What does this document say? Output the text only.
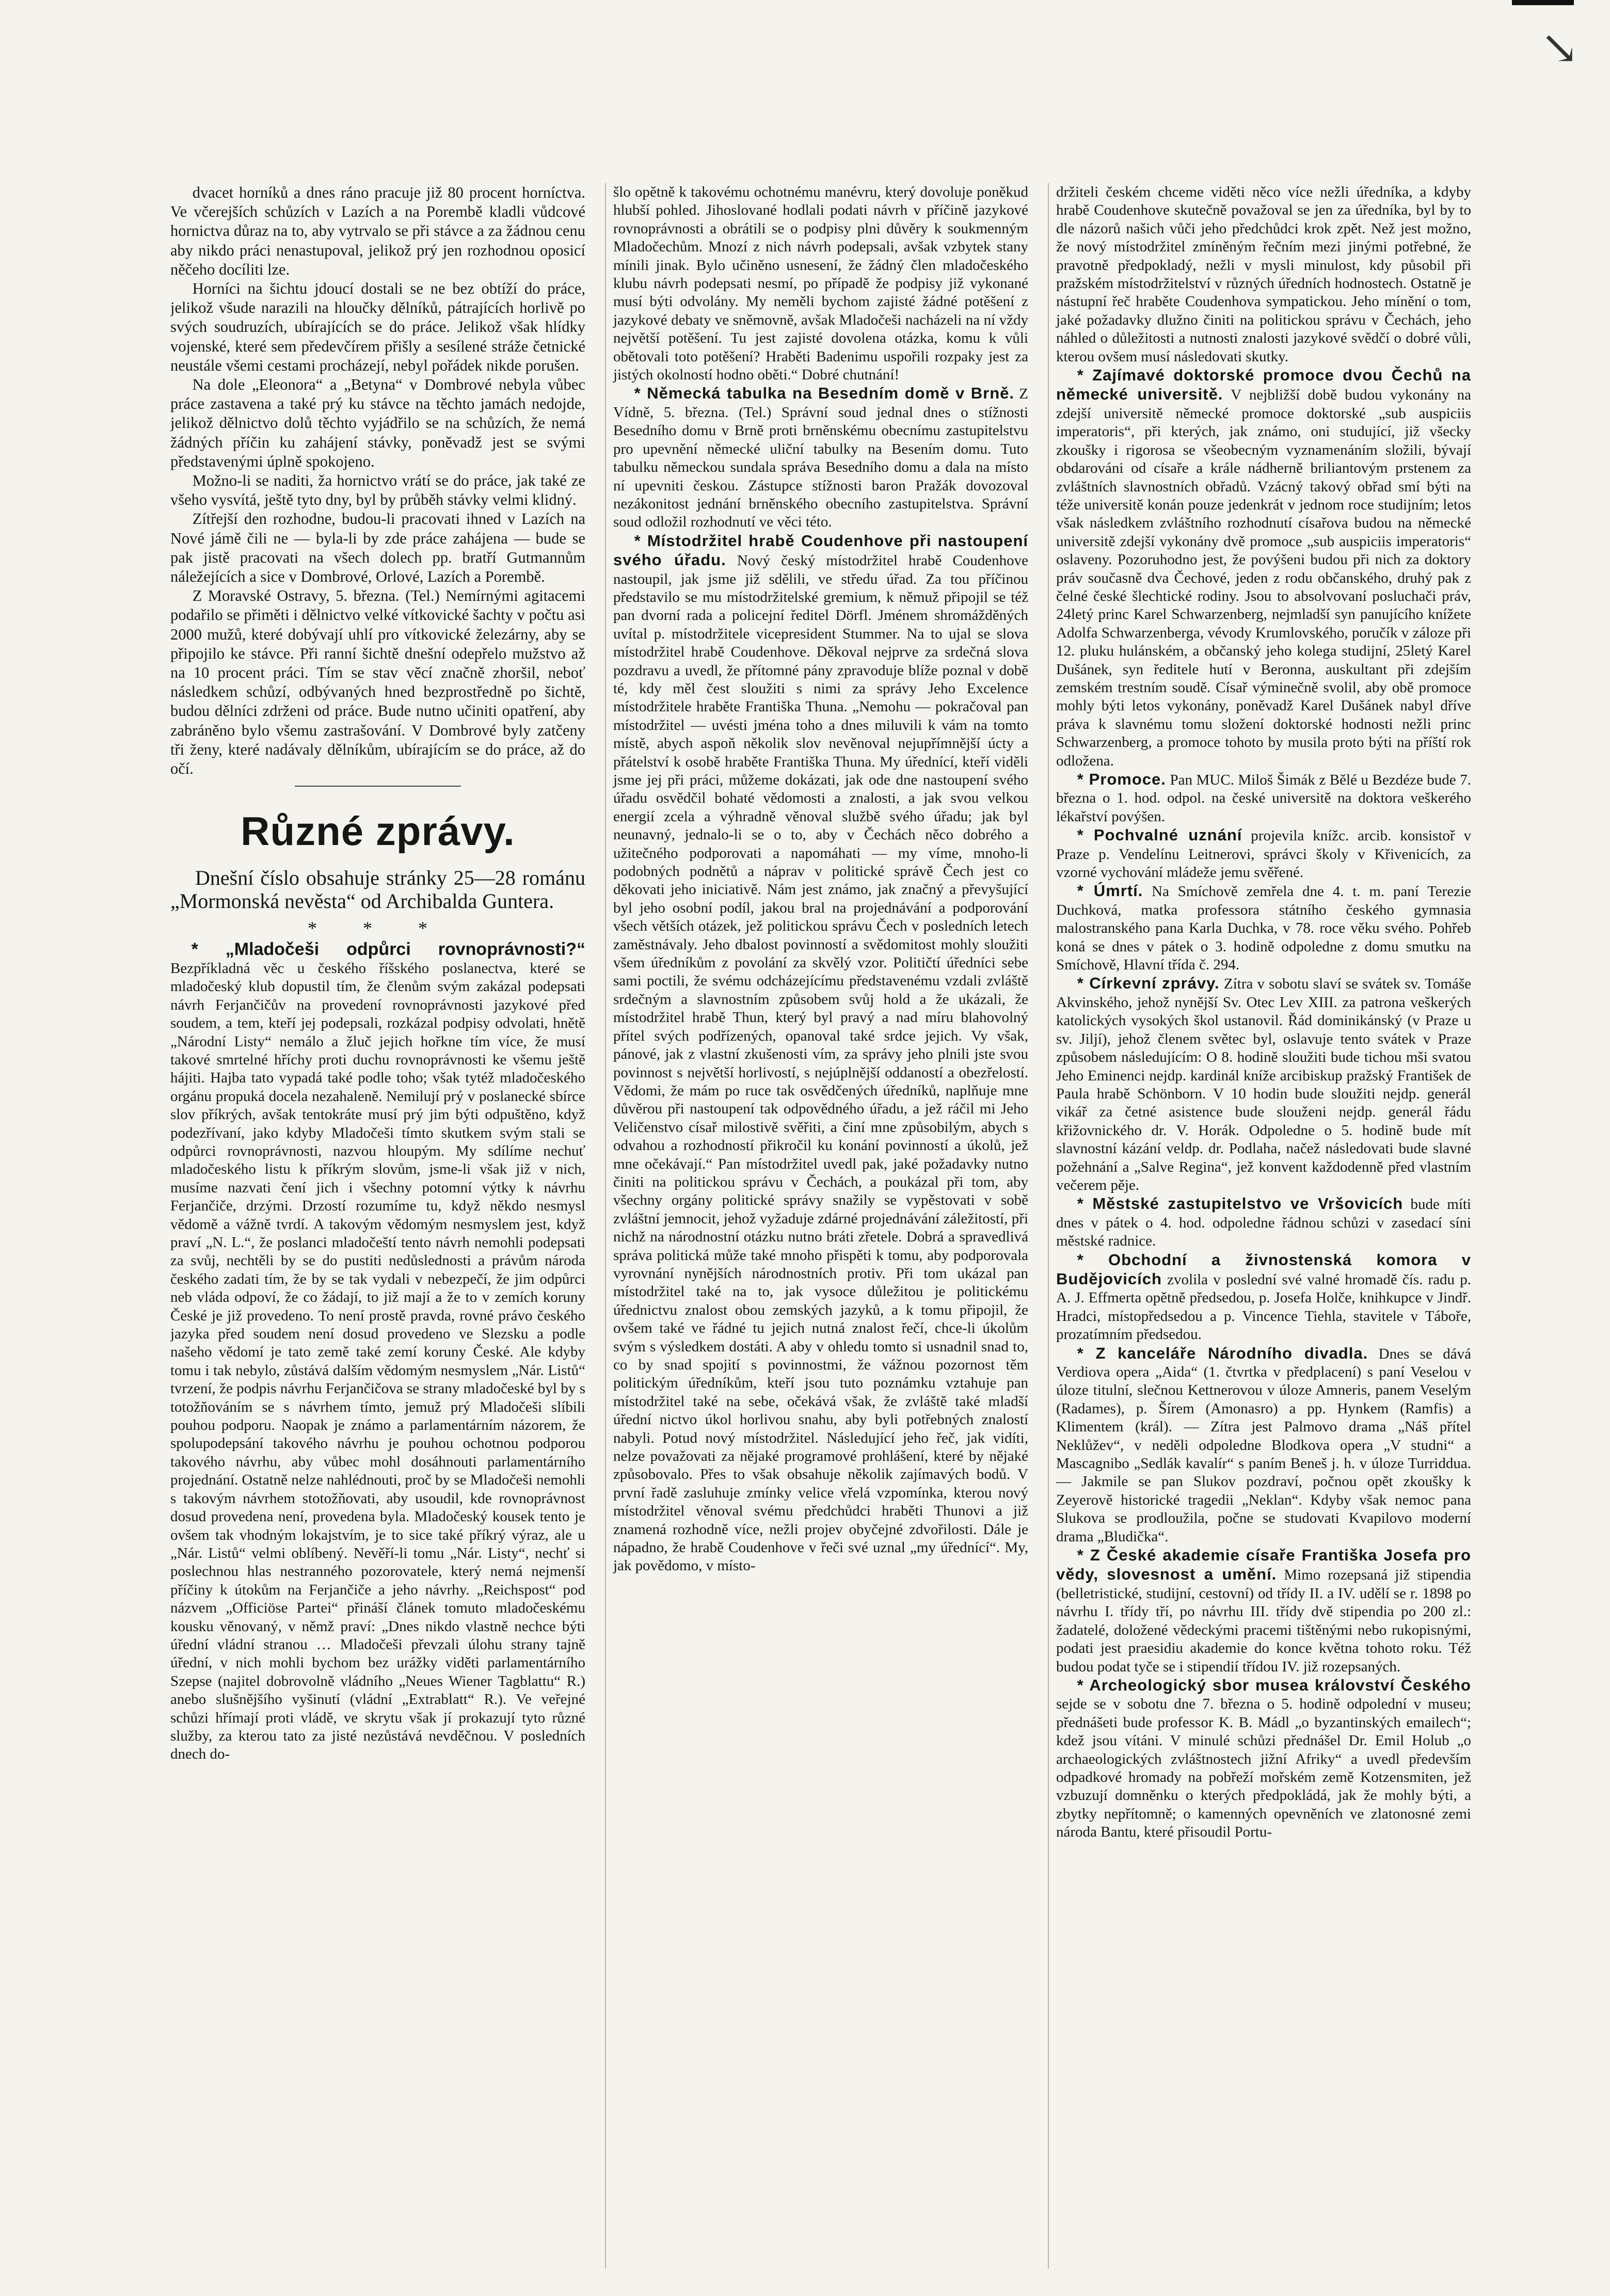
↘

dvacet horníků a dnes ráno pracuje již 80 procent horníctva. Ve včerejších schůzích v Lazích a na Porembě kladli vůdcové hornictva důraz na to, aby vytrvalo se při stávce a za žádnou cenu aby nikdo práci nenastupoval, jelikož prý jen rozhodnou oposicí něčeho docíliti lze.

Horníci na šichtu jdoucí dostali se ne bez obtíží do práce, jelikož všude narazili na hloučky dělníků, pátrajících horlivě po svých soudruzích, ubírajících se do práce. Jelikož však hlídky vojenské, které sem předevčírem přišly a sesílené stráže četnické neustále všemi cestami procházejí, nebyl pořádek nikde porušen.

Na dole „Eleonora“ a „Betyna“ v Dombrové nebyla vůbec práce zastavena a také prý ku stávce na těchto jamách nedojde, jelikož dělnictvo dolů těchto vyjádřilo se na schůzích, že nemá žádných příčin ku zahájení stávky, poněvadž jest se svými představenými úplně spokojeno.

Možno-li se naditi, ža hornictvo vrátí se do práce, jak také ze všeho vysvítá, ještě tyto dny, byl by průběh stávky velmi klidný.

Zítřejší den rozhodne, budou-li pracovati ihned v Lazích na Nové jámě čili ne — byla-li by zde práce zahájena — bude se pak jistě pracovati na všech dolech pp. bratří Gutmannům náležejících a sice v Dombrové, Orlové, Lazích a Porembě.

Z Moravské Ostravy, 5. března. (Tel.) Nemírnými agitacemi podařilo se přiměti i dělnictvo velké vítkovické šachty v počtu asi 2000 mužů, které dobývají uhlí pro vítkovické železárny, aby se připojilo ke stávce. Při ranní šichtě dnešní odepřelo mužstvo až na 10 procent práci. Tím se stav věcí značně zhoršil, neboť následkem schůzí, odbývaných hned bezprostředně po šichtě, budou dělníci zdrženi od práce. Bude nutno učiniti opatření, aby zabráněno bylo všemu zastrašování. V Dombrové byly zatčeny tři ženy, které nadávaly dělníkům, ubírajícím se do práce, až do očí.

Různé zprávy.

Dnešní číslo obsahuje stránky 25—28 románu „Mormonská nevěsta“ od Archibalda Guntera.

* * *

* „Mladočeši odpůrci rovnoprávnosti?“ Bezpříkladná věc u českého říšského poslanectva, které se mladočeský klub dopustil tím, že členům svým zakázal podepsati návrh Ferjančičův na provedení rovnoprávnosti jazykové před soudem, a tem, kteří jej podepsali, rozkázal podpisy odvolati, hnětě „Národní Listy“ nemálo a žluč jejich hořkne tím více, že musí takové smrtelné hříchy proti duchu rovnoprávnosti ke všemu ještě hájiti. Hajba tato vypadá také podle toho; však tytéž mladočeského orgánu propuká docela nezahaleně. Nemilují prý v poslanecké sbírce slov příkrých, avšak tentokráte musí prý jim býti odpuštěno, když podezřívaní, jako kdyby Mladočeši tímto skutkem svým stali se odpůrci rovnoprávnosti, nazvou hloupým. My sdílíme nechuť mladočeského listu k příkrým slovům, jsme-li však již v nich, musíme nazvati čení jich i všechny potomní výtky k návrhu Ferjančiče, drzými. Drzostí rozumíme tu, když někdo nesmysl vědomě a vážně tvrdí. A takovým vědomým nesmyslem jest, když praví „N. L.“, že poslanci mladočeští tento návrh nemohli podepsati za svůj, nechtěli by se do pustiti nedůslednosti a právům národa českého zadati tím, že by se tak vydali v nebezpečí, že jim odpůrci neb vláda odpoví, že co žádají, to již mají a že to v zemích koruny České je již provedeno. To není prostě pravda, rovné právo českého jazyka před soudem není dosud provedeno ve Slezsku a podle našeho vědomí je tato země také zemí koruny České. Ale kdyby tomu i tak nebylo, zůstává dalším vědomým nesmyslem „Nár. Listů“ tvrzení, že podpis návrhu Ferjančičova se strany mladočeské byl by s totožňováním se s návrhem tímto, jemuž prý Mladočeši slíbili pouhou podporu. Naopak je známo a parlamentárním názorem, že spolupodepsání takového návrhu je pouhou ochotnou podporou takového návrhu, aby vůbec mohl dosáhnouti parlamentárního projednání. Ostatně nelze nahlédnouti, proč by se Mladočeši nemohli s takovým návrhem stotožňovati, aby usoudil, kde rovnoprávnost dosud provedena není, provedena byla. Mladočeský kousek tento je ovšem tak vhodným lokajstvím, je to sice také příkrý výraz, ale u „Nár. Listů“ velmi oblíbený. Nevěří-li tomu „Nár. Listy“, nechť si poslechnou hlas nestranného pozorovatele, který nemá nejmenší příčiny k útokům na Ferjančiče a jeho návrhy. „Reichspost“ pod názvem „Officiöse Partei“ přináší článek tomuto mladočeskému kousku věnovaný, v němž praví: „Dnes nikdo vlastně nechce býti úřední vládní stranou … Mladočeši převzali úlohu strany tajně úřední, v nich mohli bychom bez urážky viděti parlamentárního Szepse (najitel dobrovolně vládního „Neues Wiener Tagblattu“ R.) anebo slušnějšího vyšinutí (vládní „Extrablatt“ R.). Ve veřejné schůzi hřímají proti vládě, ve skrytu však jí prokazují tyto různé služby, za kterou tato za jisté nezůstává nevděčnou. V posledních dnech do-

šlo opětně k takovému ochotnému manévru, který dovoluje poněkud hlubší pohled. Jihoslované hodlali podati návrh v příčině jazykové rovnoprávnosti a obrátili se o podpisy plni důvěry k soukmenným Mladočechům. Mnozí z nich návrh podepsali, avšak vzbytek stany mínili jinak. Bylo učiněno usnesení, že žádný člen mladočeského klubu návrh podepsati nesmí, po případě že podpisy již vykonané musí býti odvolány. My neměli bychom zajisté žádné potěšení z jazykové debaty ve sněmovně, avšak Mladočeši nacházeli na ní vždy největší potěšení. Tu jest zajisté dovolena otázka, komu k vůli obětovali toto potěšení? Hraběti Badenimu uspořili rozpaky jest za jistých okolností hodno oběti.“ Dobré chutnání!

* Německá tabulka na Besedním domě v Brně. Z Vídně, 5. března. (Tel.) Správní soud jednal dnes o stížnosti Besedního domu v Brně proti brněnskému obecnímu zastupitelstvu pro upevnění německé uliční tabulky na Besením domu. Tuto tabulku německou sundala správa Besedního domu a dala na místo ní upevniti českou. Zástupce stížnosti baron Pražák dovozoval nezákonitost jednání brněnského obecního zastupitelstva. Správní soud odložil rozhodnutí ve věci této.

* Místodržitel hrabě Coudenhove při nastoupení svého úřadu. Nový český místodržitel hrabě Coudenhove nastoupil, jak jsme již sdělili, ve středu úřad. Za tou příčinou představilo se mu místodržitelské gremium, k němuž připojil se též pan dvorní rada a policejní ředitel Dörfl. Jménem shromážděných uvítal p. místodržitele vicepresident Stummer. Na to ujal se slova místodržitel hrabě Coudenhove. Děkoval nejprve za srdečná slova pozdravu a uvedl, že přítomné pány zpravoduje blíže poznal v době té, kdy měl čest sloužiti s nimi za správy Jeho Excelence místodržitele hraběte Františka Thuna. „Nemohu — pokračoval pan místodržitel — uvésti jména toho a dnes miluvili k vám na tomto místě, abych aspoň několik slov nevěnoval nejupřímnější úcty a přátelství k osobě hraběte Františka Thuna. My úřednící, kteří viděli jsme jej při práci, můžeme dokázati, jak ode dne nastoupení svého úřadu osvědčil bohaté vědomosti a znalosti, a jak svou velkou energií zcela a výhradně věnoval službě svého úřadu; jak byl neunavný, jednalo-li se o to, aby v Čechách něco dobrého a užitečného podporovati a napomáhati — my víme, mnoho-li podobných podnětů a náprav v politické správě Čech jest co děkovati jeho iniciativě. Nám jest známo, jak značný a převyšující byl jeho osobní podíl, jakou bral na projednávání a podporování všech větších otázek, jež politickou správu Čech v posledních letech zaměstnávaly. Jeho dbalost povinností a svědomitost mohly sloužiti všem úředníkům z povolání za skvělý vzor. Političtí úředníci sebe sami poctili, že svému odcházejícímu představenému vzdali zvláště srdečným a slavnostním způsobem svůj hold a že ukázali, že místodržitel hrabě Thun, který byl pravý a nad míru blahovolný přítel svých podřízených, opanoval také srdce jejich. Vy však, pánové, jak z vlastní zkušenosti vím, za správy jeho plnili jste svou povinnost s největší horlivostí, s nejúplnější oddaností a obezřelostí. Vědomi, že mám po ruce tak osvědčených úředníků, naplňuje mne důvěrou při nastoupení tak odpovědného úřadu, a jež ráčil mi Jeho Veličenstvo císař milostivě svěřiti, a činí mne způsobilým, abych s odvahou a rozhodností přikročil ku konání povinností a úkolů, jež mne očekávají.“ Pan místodržitel uvedl pak, jaké požadavky nutno činiti na politickou správu v Čechách, a poukázal při tom, aby všechny orgány politické správy snažily se vypěstovati v sobě zvláštní jemnocit, jehož vyžaduje zdárné projednávání záležitostí, při nichž na národnostní otázku nutno bráti zřetele. Dobrá a spravedlivá správa politická může také mnoho přispěti k tomu, aby podporovala vyrovnání nynějších národnostních protiv. Při tom ukázal pan místodržitel také na to, jak vysoce důležitou je politickému úřednictvu znalost obou zemských jazyků, a k tomu připojil, že ovšem také ve řádné tu jejich nutná znalost řečí, chce-li úkolům svým s výsledkem dostáti. A aby v ohledu tomto si usnadnil snad to, co by snad spojití s povinnostmi, že vážnou pozornost těm politickým úředníkům, kteří jsou tuto poznámku vztahuje pan místodržitel také na sebe, očekává však, že zvláště také mladší úřední nictvo úkol horlivou snahu, aby byli potřebných znalostí nabyli. Potud nový místodržitel. Následující jeho řeč, jak vidíti, nelze považovati za nějaké programové prohlášení, které by nějaké způsobovalo. Přes to však obsahuje několik zajímavých bodů. V první řadě zasluhuje zmínky velice vřelá vzpomínka, kterou nový místodržitel věnoval svému předchůdci hraběti Thunovi a již znamená rozhodně více, nežli projev obyčejné zdvořilosti. Dále je nápadno, že hrabě Coudenhove v řeči své uznal „my úřednící“. My, jak povědomo, v místo-

držiteli českém chceme viděti něco více nežli úředníka, a kdyby hrabě Coudenhove skutečně považoval se jen za úředníka, byl by to dle názorů našich vůči jeho předchůdci krok zpět. Než jest možno, že nový místodržitel zmíněným řečním mezi jinými potřebné, že pravotně předpokladý, nežli v mysli minulost, kdy působil při pražském místodržitelství v různých úředních hodnostech. Ostatně je nástupní řeč hraběte Coudenhova sympatickou. Jeho mínění o tom, jaké požadavky dlužno činiti na politickou správu v Čechách, jeho náhled o důležitosti a nutnosti znalosti jazykové svědčí o dobré vůli, kterou ovšem musí následovati skutky.

* Zajímavé doktorské promoce dvou Čechů na německé universitě. V nejbližší době budou vykonány na zdejší universitě německé promoce doktorské „sub auspiciis imperatoris“, při kterých, jak známo, oni studující, již všecky zkoušky i rigorosa se všeobecným vyznamenáním složili, bývají obdarováni od císaře a krále nádherně briliantovým prstenem za zvláštních slavnostních obřadů. Vzácný takový obřad smí býti na téže universitě konán pouze jedenkrát v jednom roce studijním; letos však následkem zvláštního rozhodnutí císařova budou na německé universitě zdejší vykonány dvě promoce „sub auspiciis imperatoris“ oslaveny. Pozoruhodno jest, že povýšeni budou při nich za doktory práv současně dva Čechové, jeden z rodu občanského, druhý pak z čelné české šlechtické rodiny. Jsou to absolvovaní posluchači práv, 24letý princ Karel Schwarzenberg, nejmladší syn panujícího knížete Adolfa Schwarzenberga, vévody Krumlovského, poručík v záloze při 12. pluku hulánském, a občanský jeho kolega studijní, 25letý Karel Dušánek, syn ředitele hutí v Beronna, auskultant při zdejším zemském trestním soudě. Císař výminečně svolil, aby obě promoce mohly býti letos vykonány, poněvadž Karel Dušánek nabyl dříve práva k slavnému tomu složení doktorské hodnosti nežli princ Schwarzenberg, a promoce tohoto by musila proto býti na příští rok odložena.

* Promoce. Pan MUC. Miloš Šimák z Bělé u Bezdéze bude 7. března o 1. hod. odpol. na české universitě na doktora veškerého lékařství povýšen.

* Pochvalné uznání projevila knížc. arcib. konsistoř v Praze p. Vendelínu Leitnerovi, správci školy v Křivenicích, za vzorné vychování mládeže jemu svěřené.

* Úmrtí. Na Smíchově zemřela dne 4. t. m. paní Terezie Duchková, matka professora státního českého gymnasia malostranského pana Karla Duchka, v 78. roce věku svého. Pohřeb koná se dnes v pátek o 3. hodině odpoledne z domu smutku na Smíchově, Hlavní třída č. 294.

* Církevní zprávy. Zítra v sobotu slaví se svátek sv. Tomáše Akvinského, jehož nynější Sv. Otec Lev XIII. za patrona veškerých katolických vysokých škol ustanovil. Řád dominikánský (v Praze u sv. Jiljí), jehož členem světec byl, oslavuje tento svátek v Praze způsobem následujícím: O 8. hodině sloužiti bude tichou mši svatou Jeho Eminenci nejdp. kardinál kníže arcibiskup pražský František de Paula hrabě Schönborn. V 10 hodin bude sloužiti nejdp. generál vikář za četné asistence bude slouženi nejdp. generál řádu křižovnického dr. V. Horák. Odpoledne o 5. hodině bude mít slavnostní kázání veldp. dr. Podlaha, načež následovati bude slavné požehnání a „Salve Regina“, jež konvent každodenně před vlastním večerem pěje.

* Městské zastupitelstvo ve Vršovicích bude míti dnes v pátek o 4. hod. odpoledne řádnou schůzi v zasedací síni městské radnice.

* Obchodní a živnostenská komora v Budějovicích zvolila v poslední své valné hromadě čís. radu p. A. J. Effmerta opětně předsedou, p. Josefa Holče, knihkupce v Jindř. Hradci, místopředsedou a p. Vincence Tiehla, stavitele v Táboře, prozatímním předsedou.

* Z kanceláře Národního divadla. Dnes se dává Verdiova opera „Aida“ (1. čtvrtka v předplacení) s paní Veselou v úloze titulní, slečnou Kettnerovou v úloze Amneris, panem Veselým (Radames), p. Šírem (Amonasro) a pp. Hynkem (Ramfis) a Klimentem (král). — Zítra jest Palmovo drama „Náš přítel Neklůžev“, v neděli odpoledne Blodkova opera „V studni“ a Mascagnibo „Sedlák kavalír“ s paním Beneš j. h. v úloze Turriddua. — Jakmile se pan Slukov pozdraví, počnou opět zkoušky k Zeyerově historické tragedii „Neklan“. Kdyby však nemoc pana Slukova se prodloužila, počne se studovati Kvapilovo moderní drama „Bludička“.

* Z České akademie císaře Františka Josefa pro vědy, slovesnost a umění. Mimo rozepsaná již stipendia (belletristické, studijní, cestovní) od třídy II. a IV. udělí se r. 1898 po návrhu I. třídy tří, po návrhu III. třídy dvě stipendia po 200 zl.: žadatelé, doložené vědeckými pracemi tištěnými nebo rukopisnými, podati jest praesidiu akademie do konce května tohoto roku. Též budou podat tyče se i stipendií třídou IV. již rozepsaných.

* Archeologický sbor musea království Českého sejde se v sobotu dne 7. března o 5. hodině odpolední v museu; přednášeti bude professor K. B. Mádl „o byzantinských emailech“; kdež jsou vítáni. V minulé schůzi přednášel Dr. Emil Holub „o archaeologických zvláštnostech jižní Afriky“ a uvedl především odpadkové hromady na pobřeží mořském země Kotzensmiten, jež vzbuzují domněnku o kterých předpokládá, jak že mohly býti, a zbytky nepřítomně; o kamenných opevněních ve zlatonosné zemi národa Bantu, které přisoudil Portu-
